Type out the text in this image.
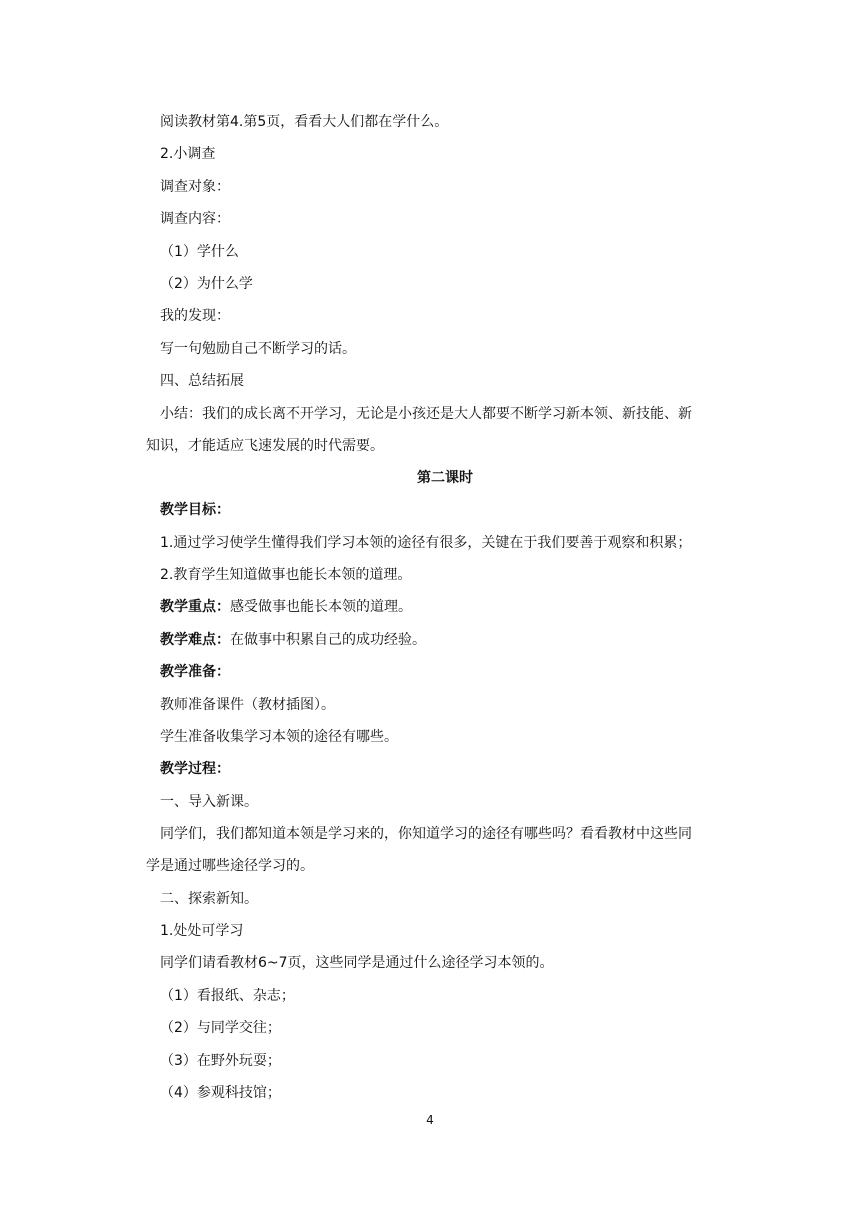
阅读教材第4.第5页，看看大人们都在学什么。

2.小调查

调查对象：

调查内容：

（1）学什么

（2）为什么学

我的发现：

写一句勉励自己不断学习的话。

四、总结拓展

小结：我们的成长离不开学习，无论是小孩还是大人都要不断学习新本领、新技能、新
知识，才能适应飞速发展的时代需要。

第二课时

教学目标：

1.通过学习使学生懂得我们学习本领的途径有很多，关键在于我们要善于观察和积累；

2.教育学生知道做事也能长本领的道理。

教学重点：感受做事也能长本领的道理。

教学难点：在做事中积累自己的成功经验。

教学准备：

教师准备课件（教材插图）。

学生准备收集学习本领的途径有哪些。

教学过程：

一、导入新课。

同学们，我们都知道本领是学习来的，你知道学习的途径有哪些吗？看看教材中这些同
学是通过哪些途径学习的。

二、探索新知。

1.处处可学习

同学们请看教材6~7页，这些同学是通过什么途径学习本领的。

（1）看报纸、杂志；

（2）与同学交往；

（3）在野外玩耍；

（4）参观科技馆；

4
